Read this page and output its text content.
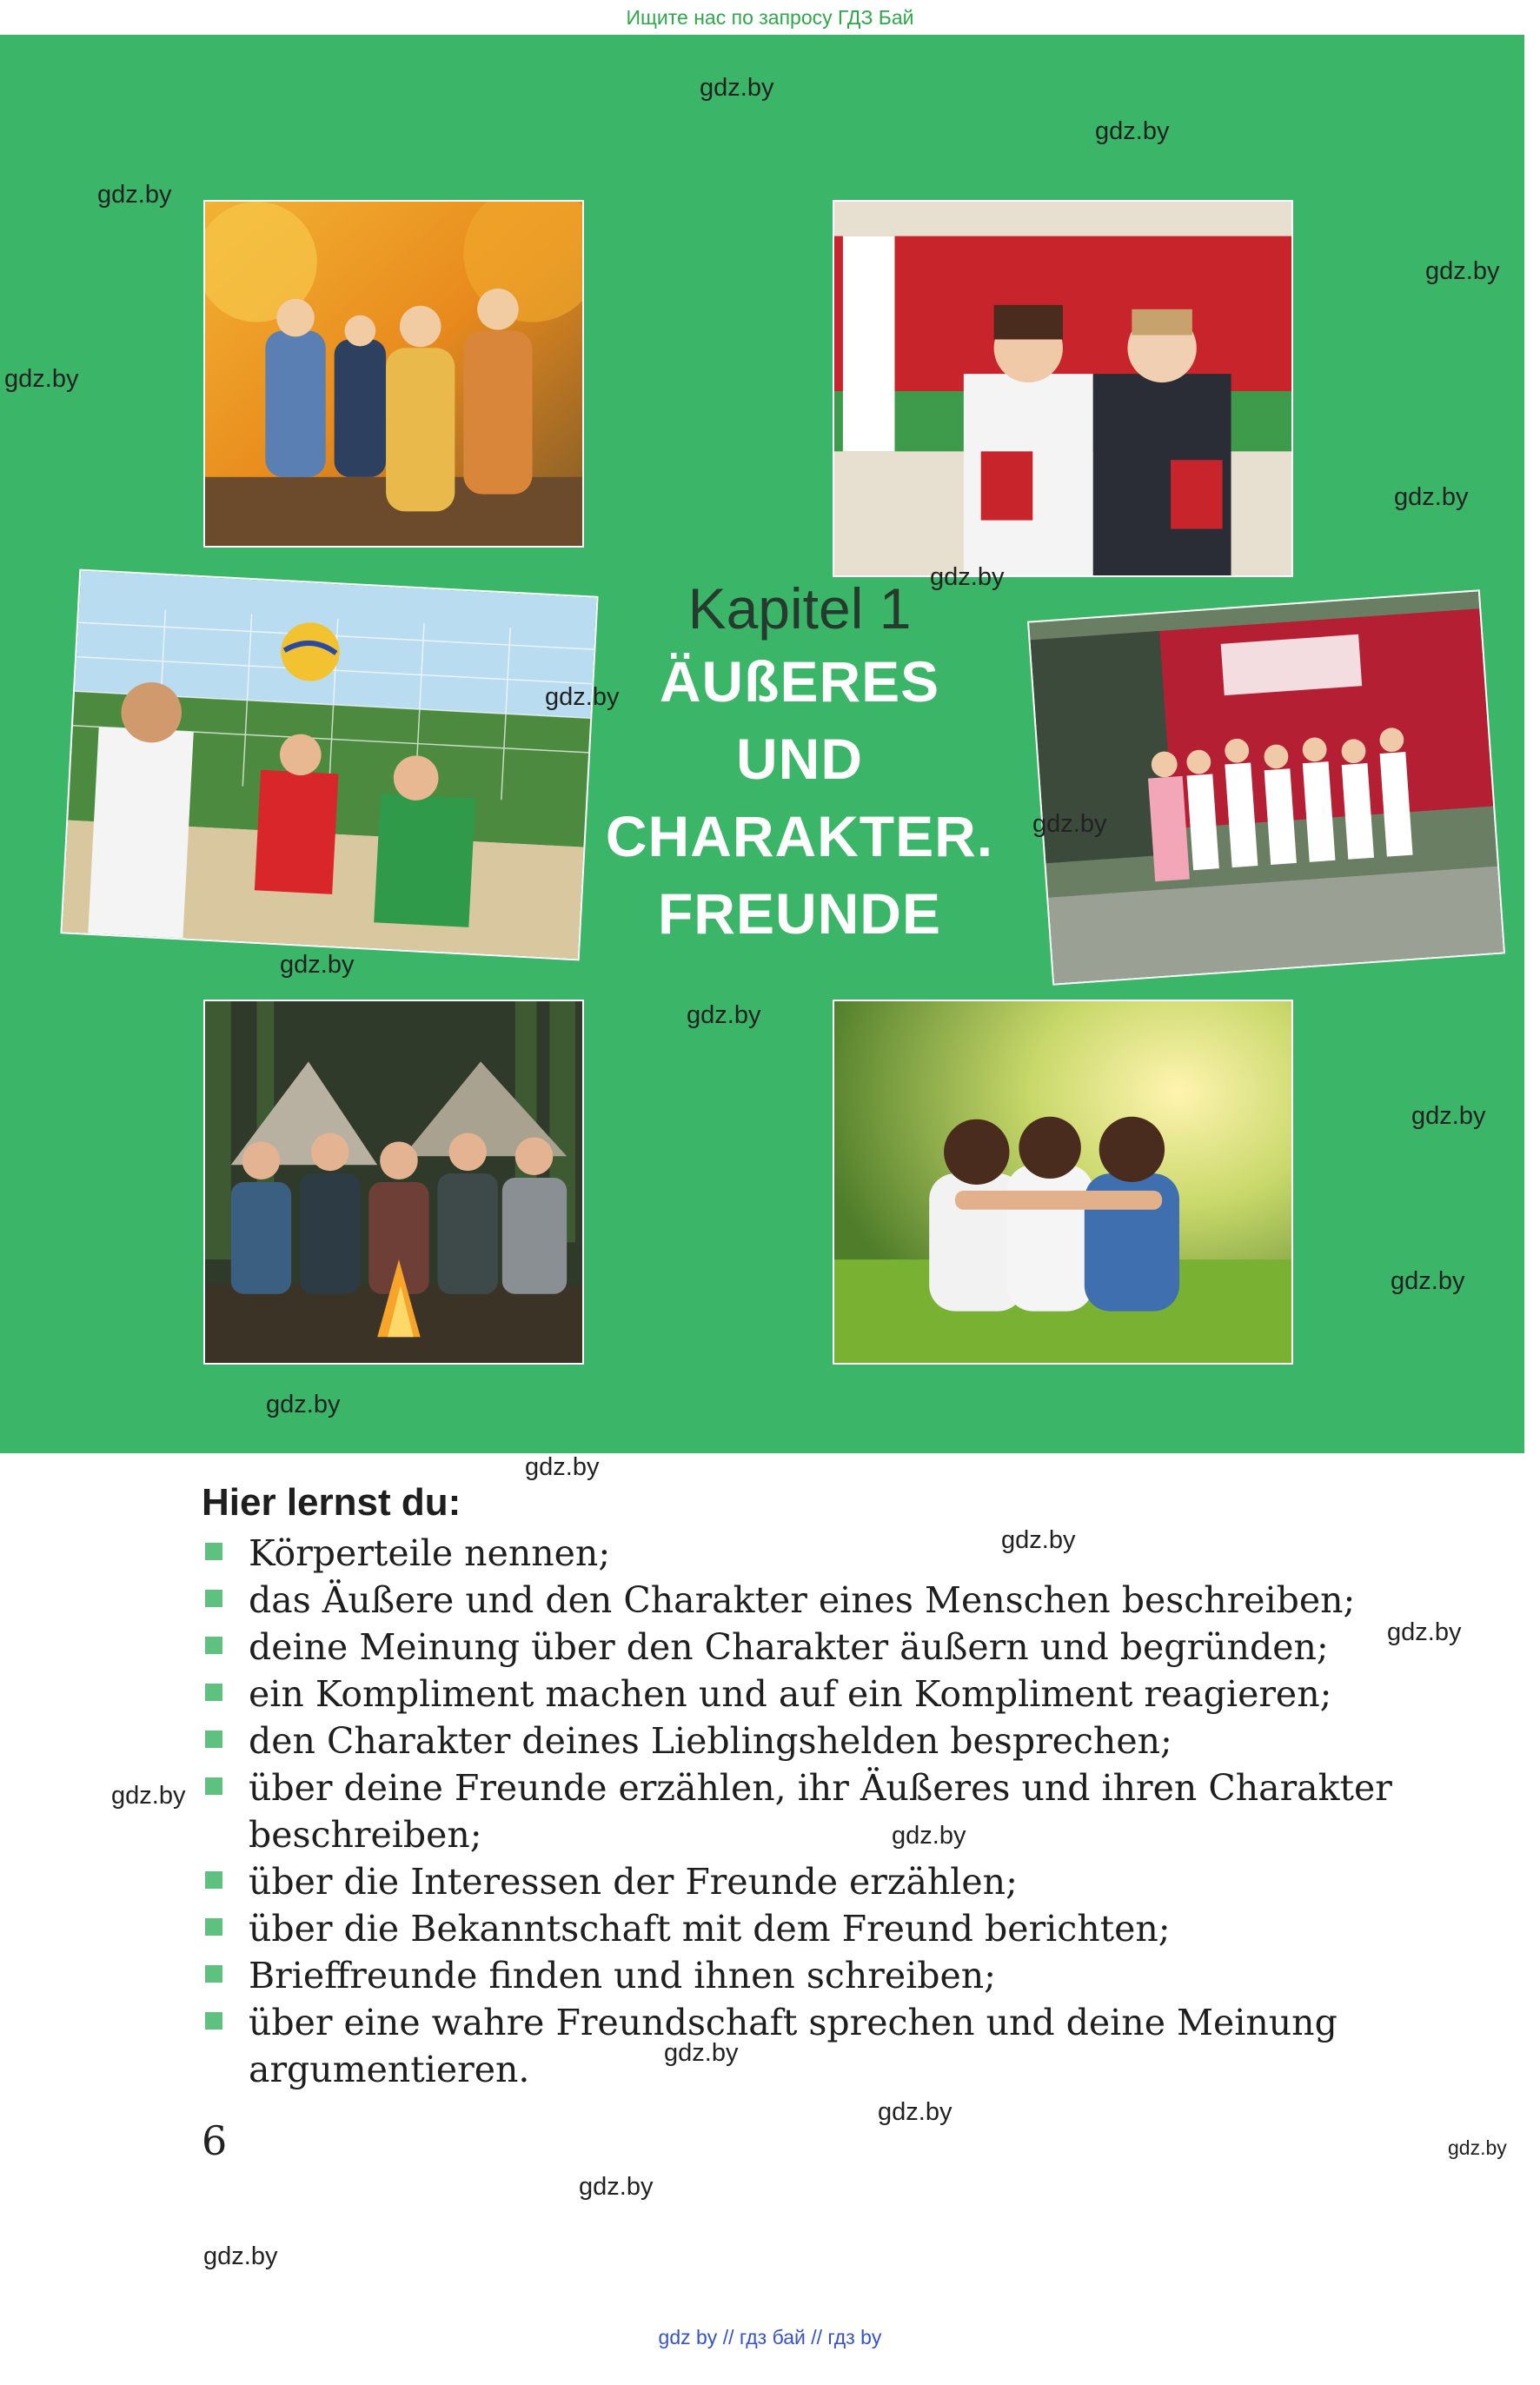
Ищите нас по запросу ГДЗ Бай
Kapitel 1
ÄUßERES
UND
CHARAKTER.
FREUNDE
gdz.by
gdz.by
gdz.by
gdz.by
gdz.by
gdz.by
gdz.by
gdz.by
gdz.by
gdz.by
gdz.by
gdz.by
gdz.by
gdz.by
gdz.by
gdz.by
gdz.by
gdz.by
gdz.by
gdz.by
gdz.by
gdz.by
gdz.by
gdz.by
Hier lernst du:
Körperteile nennen;
das Äußere und den Charakter eines Menschen beschreiben;
deine Meinung über den Charakter äußern und begründen;
ein Kompliment machen und auf ein Kompliment reagieren;
den Charakter deines Lieblingshelden besprechen;
über deine Freunde erzählen, ihr Äußeres und ihren Charakter beschreiben;
über die Interessen der Freunde erzählen;
über die Bekanntschaft mit dem Freund berichten;
Brieffreunde finden und ihnen schreiben;
über eine wahre Freundschaft sprechen und deine Meinung argumentieren.
6
gdz by // гдз бай // гдз by
